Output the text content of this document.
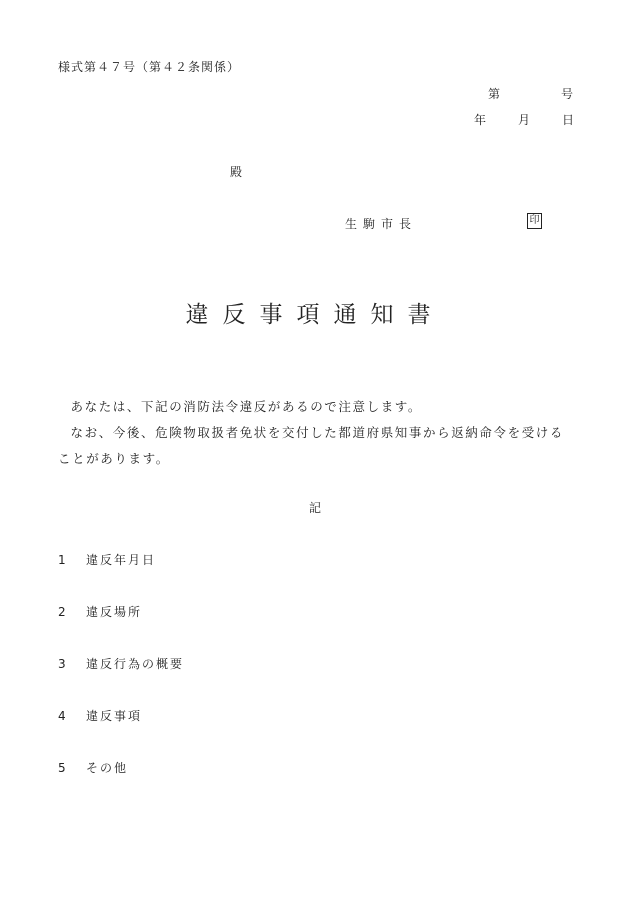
様式第４７号（第４２条関係）
第	号
年	月	日
殿
生駒市長	印
違反事項通知書

あなたは、下記の消防法令違反があるので注意します。

なお、今後、危険物取扱者免状を交付した都道府県知事から返納命令を受けることがあります。

記
1 違反年月日
2 違反場所
3 違反行為の概要
4 違反事項
5 その他
